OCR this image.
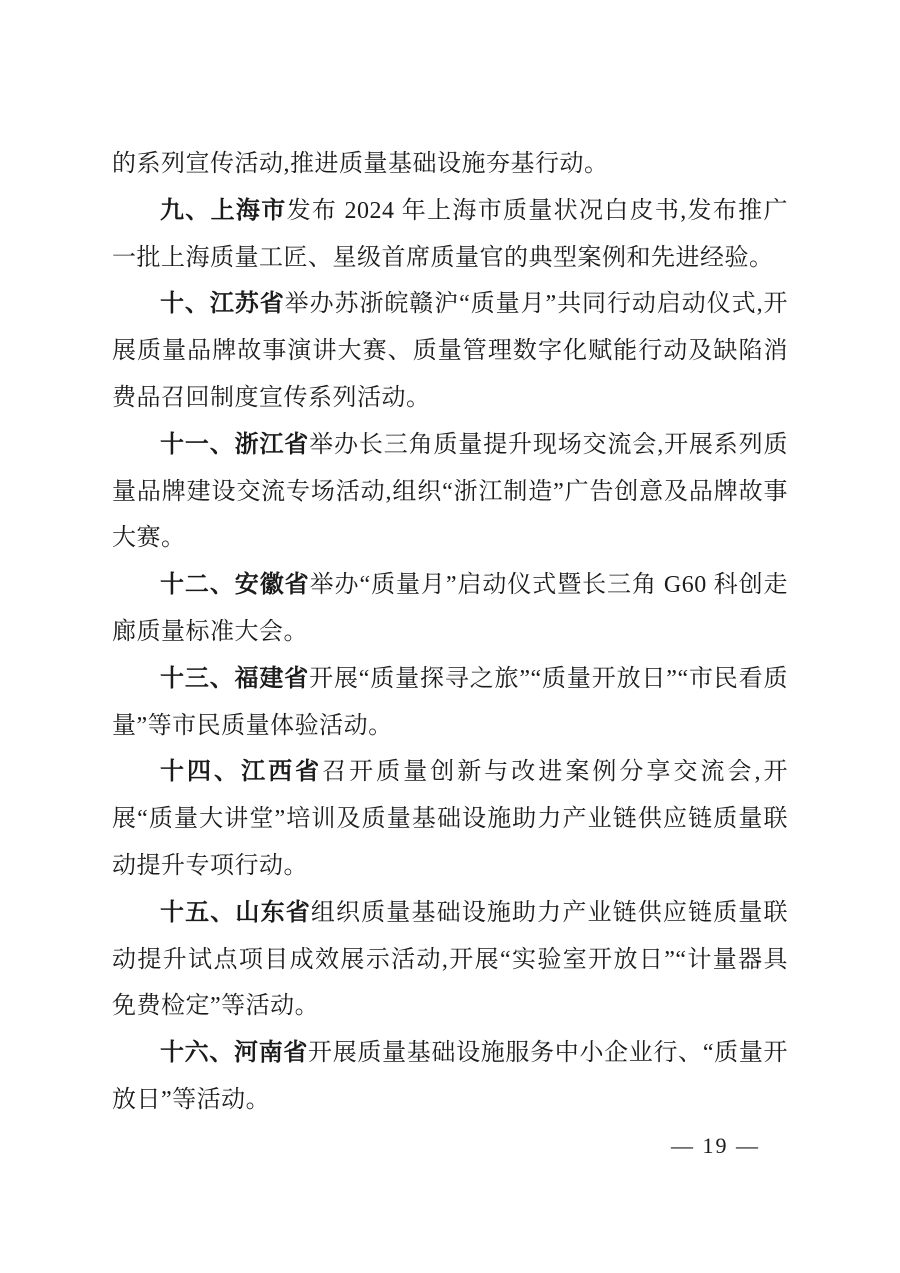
的系列宣传活动,推进质量基础设施夯基行动。

九、上海市发布 2024 年上海市质量状况白皮书,发布推广一批上海质量工匠、星级首席质量官的典型案例和先进经验。

十、江苏省举办苏浙皖赣沪“质量月”共同行动启动仪式,开展质量品牌故事演讲大赛、质量管理数字化赋能行动及缺陷消费品召回制度宣传系列活动。

十一、浙江省举办长三角质量提升现场交流会,开展系列质量品牌建设交流专场活动,组织“浙江制造”广告创意及品牌故事大赛。

十二、安徽省举办“质量月”启动仪式暨长三角 G60 科创走廊质量标准大会。

十三、福建省开展“质量探寻之旅”“质量开放日”“市民看质量”等市民质量体验活动。

十四、江西省召开质量创新与改进案例分享交流会,开展“质量大讲堂”培训及质量基础设施助力产业链供应链质量联动提升专项行动。

十五、山东省组织质量基础设施助力产业链供应链质量联动提升试点项目成效展示活动,开展“实验室开放日”“计量器具免费检定”等活动。

十六、河南省开展质量基础设施服务中小企业行、“质量开放日”等活动。

— 19 —
